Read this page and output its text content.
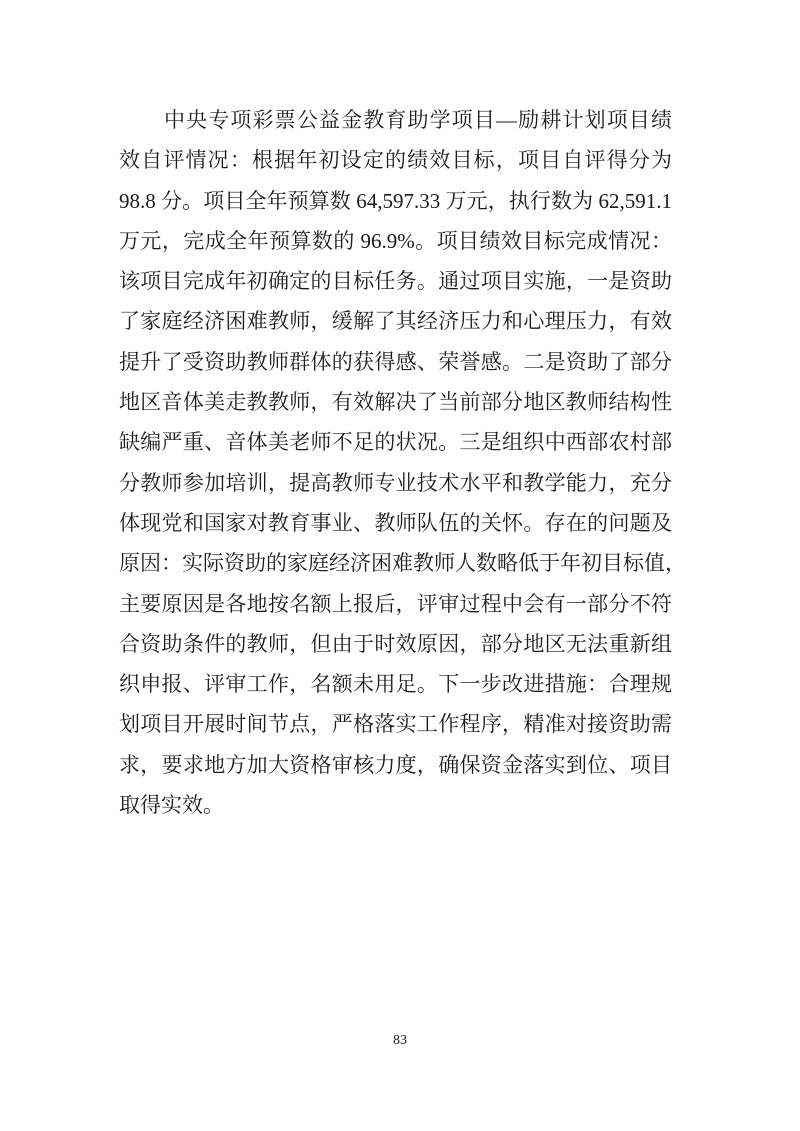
中央专项彩票公益金教育助学项目—励耕计划项目绩
效自评情况：根据年初设定的绩效目标，项目自评得分为
98.8 分。项目全年预算数 64,597.33 万元，执行数为 62,591.1
万元，完成全年预算数的 96.9%。项目绩效目标完成情况：
该项目完成年初确定的目标任务。通过项目实施，一是资助
了家庭经济困难教师，缓解了其经济压力和心理压力，有效
提升了受资助教师群体的获得感、荣誉感。二是资助了部分
地区音体美走教教师，有效解决了当前部分地区教师结构性
缺编严重、音体美老师不足的状况。三是组织中西部农村部
分教师参加培训，提高教师专业技术水平和教学能力，充分
体现党和国家对教育事业、教师队伍的关怀。存在的问题及
原因：实际资助的家庭经济困难教师人数略低于年初目标值，
主要原因是各地按名额上报后，评审过程中会有一部分不符
合资助条件的教师，但由于时效原因，部分地区无法重新组
织申报、评审工作，名额未用足。下一步改进措施：合理规
划项目开展时间节点，严格落实工作程序，精准对接资助需
求，要求地方加大资格审核力度，确保资金落实到位、项目
取得实效。
83
